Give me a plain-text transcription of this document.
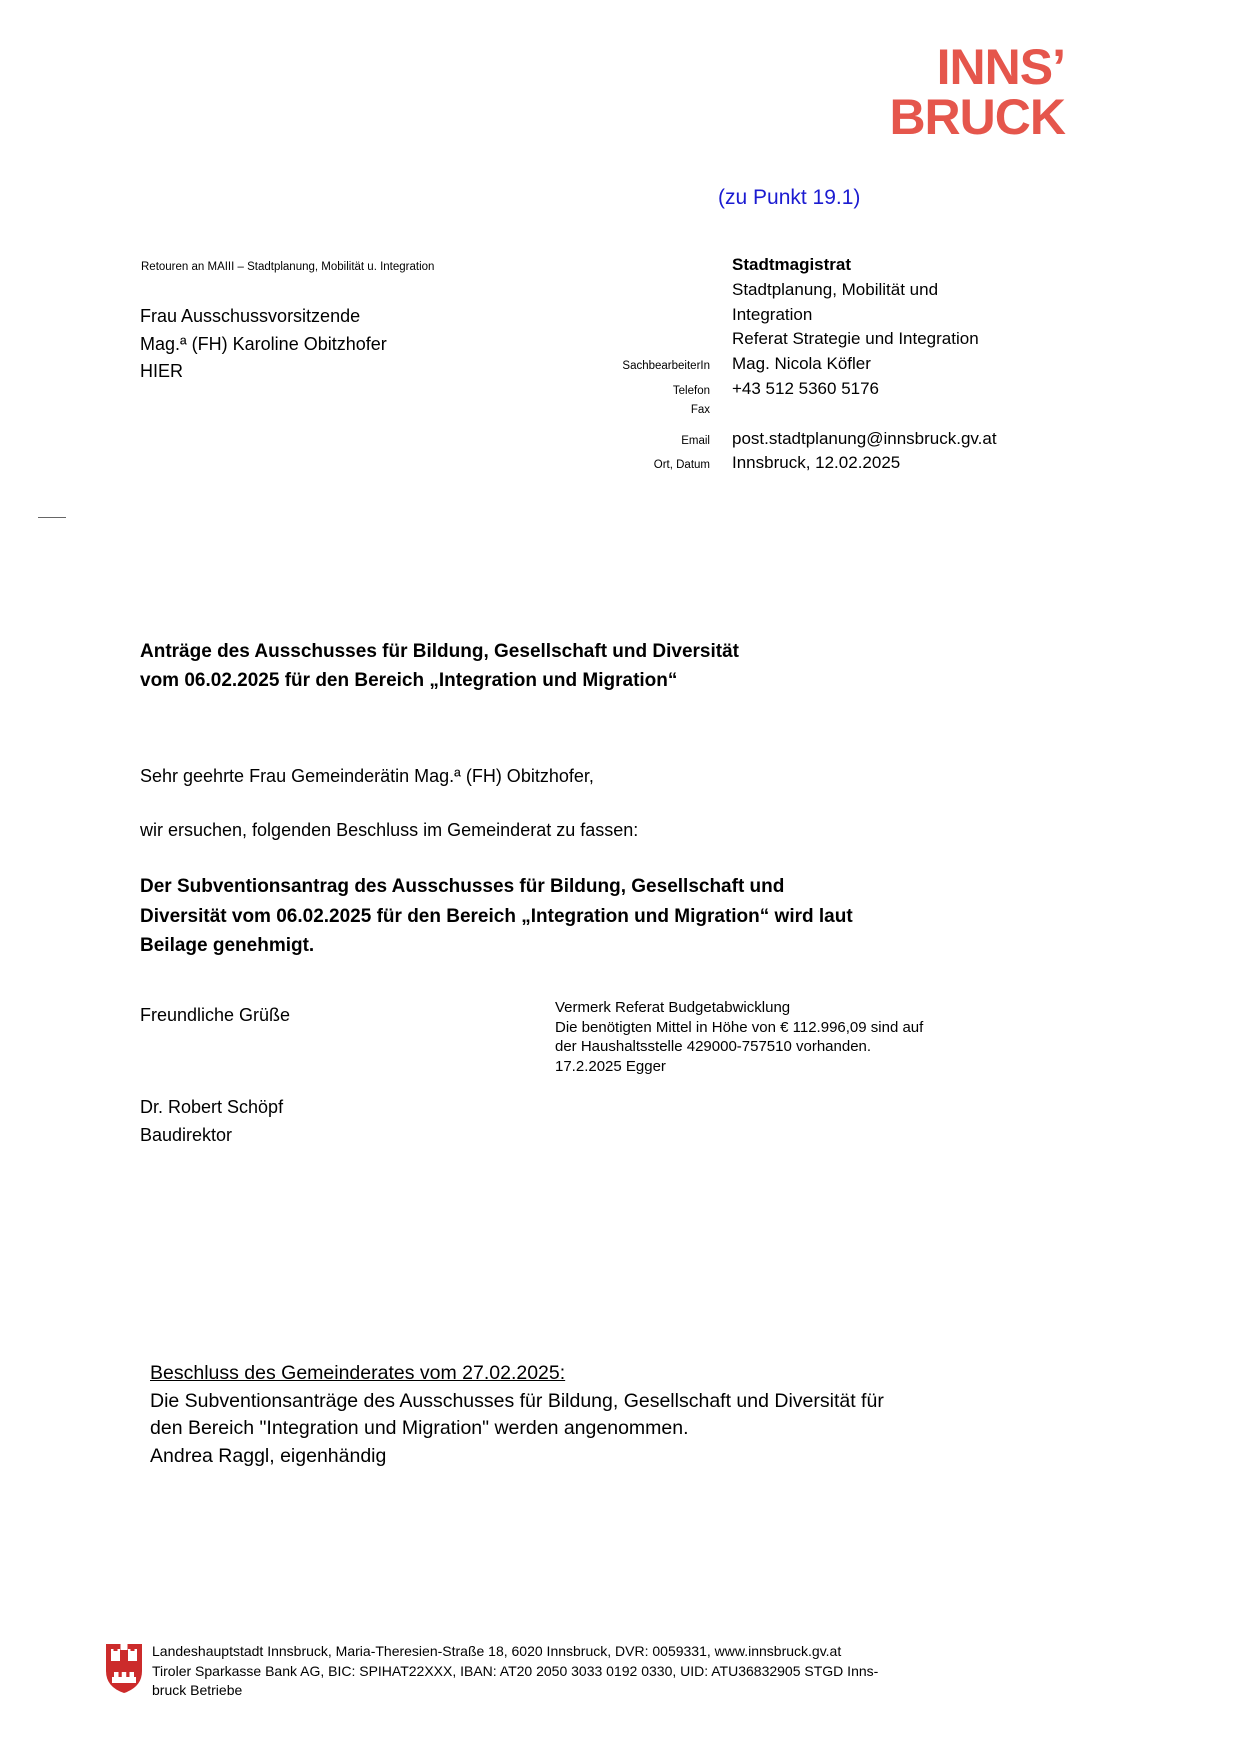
INNS’
BRUCK
(zu Punkt 19.1)
Retouren an MAIII – Stadtplanung, Mobilität u. Integration
Frau Ausschussvorsitzende
Mag.ª (FH) Karoline Obitzhofer
HIER
Stadtmagistrat
Stadtplanung, Mobilität und
Integration
Referat Strategie und Integration
SachbearbeiterIn Mag. Nicola Köfler
Telefon +43 512 5360 5176
Fax
Email post.stadtplanung@innsbruck.gv.at
Ort, Datum Innsbruck, 12.02.2025
Anträge des Ausschusses für Bildung, Gesellschaft und Diversität
vom 06.02.2025 für den Bereich „Integration und Migration“
Sehr geehrte Frau Gemeinderätin Mag.ª (FH) Obitzhofer,
wir ersuchen, folgenden Beschluss im Gemeinderat zu fassen:
Der Subventionsantrag des Ausschusses für Bildung, Gesellschaft und
Diversität vom 06.02.2025 für den Bereich „Integration und Migration“ wird laut
Beilage genehmigt.
Freundliche Grüße	Vermerk Referat Budgetabwicklung
Die benötigten Mittel in Höhe von € 112.996,09 sind auf
der Haushaltsstelle 429000-757510 vorhanden.
17.2.2025 Egger
Dr. Robert Schöpf
Baudirektor
Beschluss des Gemeinderates vom 27.02.2025:
Die Subventionsanträge des Ausschusses für Bildung, Gesellschaft und Diversität für
den Bereich "Integration und Migration" werden angenommen.
Andrea Raggl, eigenhändig
Landeshauptstadt Innsbruck, Maria-Theresien-Straße 18, 6020 Innsbruck, DVR: 0059331, www.innsbruck.gv.at
Tiroler Sparkasse Bank AG, BIC: SPIHAT22XXX, IBAN: AT20 2050 3033 0192 0330, UID: ATU36832905 STGD Inns-
bruck Betriebe
